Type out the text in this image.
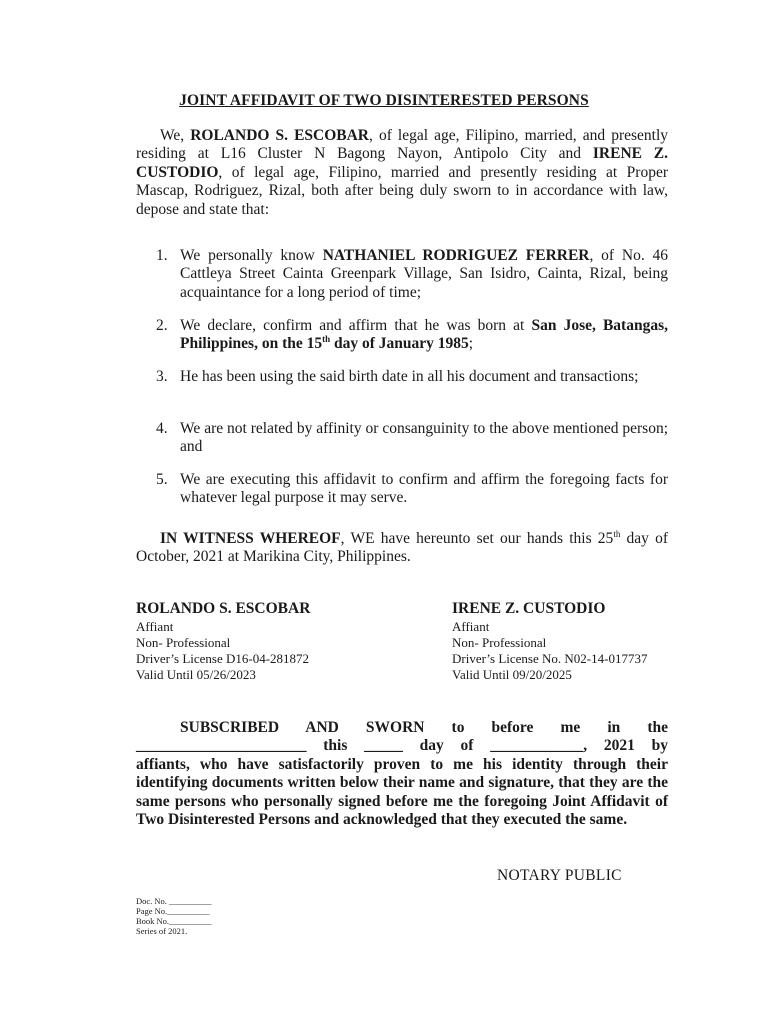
JOINT AFFIDAVIT OF TWO DISINTERESTED PERSONS
We, ROLANDO S. ESCOBAR, of legal age, Filipino, married, and presently residing at L16 Cluster N Bagong Nayon, Antipolo City and IRENE Z. CUSTODIO, of legal age, Filipino, married and presently residing at Proper Mascap, Rodriguez, Rizal, both after being duly sworn to in accordance with law, depose and state that:
1. We personally know NATHANIEL RODRIGUEZ FERRER, of No. 46 Cattleya Street Cainta Greenpark Village, San Isidro, Cainta, Rizal, being acquaintance for a long period of time;
2. We declare, confirm and affirm that he was born at San Jose, Batangas, Philippines, on the 15th day of January 1985;
3. He has been using the said birth date in all his document and transactions;
4. We are not related by affinity or consanguinity to the above mentioned person; and
5. We are executing this affidavit to confirm and affirm the foregoing facts for whatever legal purpose it may serve.
IN WITNESS WHEREOF, WE have hereunto set our hands this 25th day of October, 2021 at Marikina City, Philippines.
ROLANDO S. ESCOBAR
Affiant
Non- Professional
Driver’s License D16-04-281872
Valid Until 05/26/2023
IRENE Z. CUSTODIO
Affiant
Non- Professional
Driver’s License No. N02-14-017737
Valid Until 09/20/2025
SUBSCRIBED AND SWORN to before me in the
______________________ this _____ day of ____________, 2021 by
affiants, who have satisfactorily proven to me his identity through their identifying documents written below their name and signature, that they are the same persons who personally signed before me the foregoing Joint Affidavit of Two Disinterested Persons and acknowledged that they executed the same.
NOTARY PUBLIC
Doc. No. __________
Page No.__________
Book No.__________
Series of 2021.
